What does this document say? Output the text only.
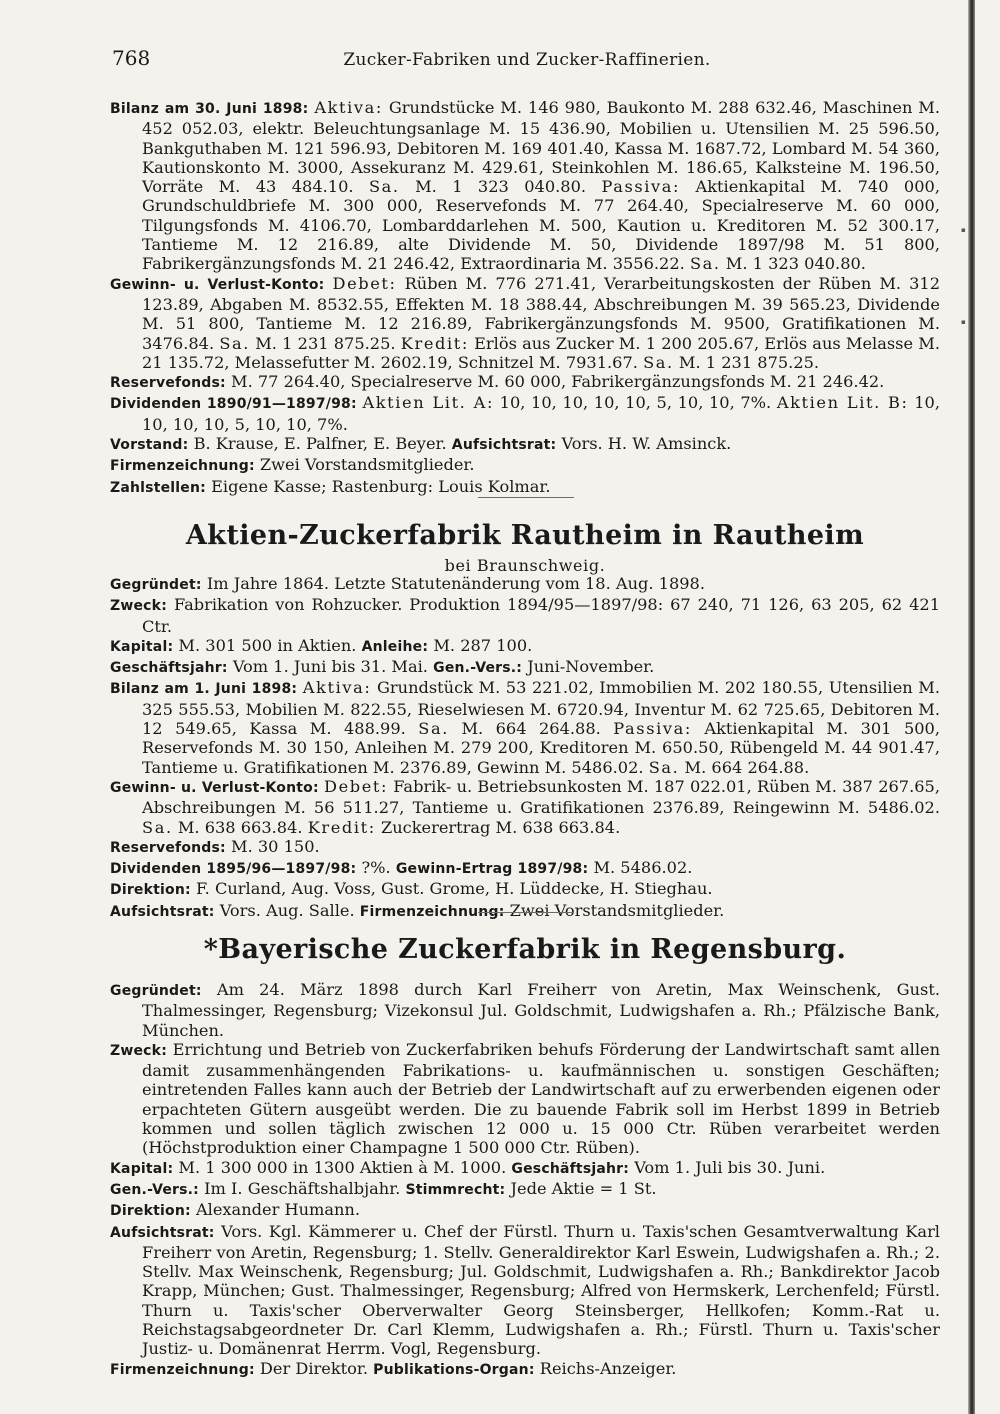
▪
▪
768	Zucker-Fabriken und Zucker-Raffinerien.

Bilanz am 30. Juni 1898: Aktiva: Grundstücke M. 146 980, Baukonto M. 288 632.46, Maschinen M. 452 052.03, elektr. Beleuchtungsanlage M. 15 436.90, Mobilien u. Utensilien M. 25 596.50, Bankguthaben M. 121 596.93, Debitoren M. 169 401.40, Kassa M. 1687.72, Lombard M. 54 360, Kautionskonto M. 3000, Assekuranz M. 429.61, Steinkohlen M. 186.65, Kalksteine M. 196.50, Vorräte M. 43 484.10. Sa. M. 1 323 040.80. Passiva: Aktienkapital M. 740 000, Grundschuldbriefe M. 300 000, Reservefonds M. 77 264.40, Specialreserve M. 60 000, Tilgungsfonds M. 4106.70, Lombarddarlehen M. 500, Kaution u. Kreditoren M. 52 300.17, Tantieme M. 12 216.89, alte Dividende M. 50, Dividende 1897/98 M. 51 800, Fabrikergänzungsfonds M. 21 246.42, Extraordinaria M. 3556.22. Sa. M. 1 323 040.80.

Gewinn- u. Verlust-Konto: Debet: Rüben M. 776 271.41, Verarbeitungskosten der Rüben M. 312 123.89, Abgaben M. 8532.55, Effekten M. 18 388.44, Abschreibungen M. 39 565.23, Dividende M. 51 800, Tantieme M. 12 216.89, Fabrikergänzungsfonds M. 9500, Gratifikationen M. 3476.84. Sa. M. 1 231 875.25. Kredit: Erlös aus Zucker M. 1 200 205.67, Erlös aus Melasse M. 21 135.72, Melassefutter M. 2602.19, Schnitzel M. 7931.67. Sa. M. 1 231 875.25.

Reservefonds: M. 77 264.40, Specialreserve M. 60 000, Fabrikergänzungsfonds M. 21 246.42.

Dividenden 1890/91—1897/98: Aktien Lit. A: 10, 10, 10, 10, 10, 5, 10, 10, 7%. Aktien Lit. B: 10, 10, 10, 10, 5, 10, 10, 7%.

Vorstand: B. Krause, E. Palfner, E. Beyer. Aufsichtsrat: Vors. H. W. Amsinck.

Firmenzeichnung: Zwei Vorstandsmitglieder.

Zahlstellen: Eigene Kasse; Rastenburg: Louis Kolmar.

Aktien-Zuckerfabrik Rautheim in Rautheim
bei Braunschweig.

Gegründet: Im Jahre 1864. Letzte Statutenänderung vom 18. Aug. 1898.

Zweck: Fabrikation von Rohzucker. Produktion 1894/95—1897/98: 67 240, 71 126, 63 205, 62 421 Ctr.

Kapital: M. 301 500 in Aktien. Anleihe: M. 287 100.

Geschäftsjahr: Vom 1. Juni bis 31. Mai. Gen.-Vers.: Juni-November.

Bilanz am 1. Juni 1898: Aktiva: Grundstück M. 53 221.02, Immobilien M. 202 180.55, Utensilien M. 325 555.53, Mobilien M. 822.55, Rieselwiesen M. 6720.94, Inventur M. 62 725.65, Debitoren M. 12 549.65, Kassa M. 488.99. Sa. M. 664 264.88. Passiva: Aktienkapital M. 301 500, Reservefonds M. 30 150, Anleihen M. 279 200, Kreditoren M. 650.50, Rübengeld M. 44 901.47, Tantieme u. Gratifikationen M. 2376.89, Gewinn M. 5486.02. Sa. M. 664 264.88.

Gewinn- u. Verlust-Konto: Debet: Fabrik- u. Betriebsunkosten M. 187 022.01, Rüben M. 387 267.65, Abschreibungen M. 56 511.27, Tantieme u. Gratifikationen 2376.89, Reingewinn M. 5486.02. Sa. M. 638 663.84. Kredit: Zuckerertrag M. 638 663.84.

Reservefonds: M. 30 150.

Dividenden 1895/96—1897/98: ?%. Gewinn-Ertrag 1897/98: M. 5486.02.

Direktion: F. Curland, Aug. Voss, Gust. Grome, H. Lüddecke, H. Stieghau.

Aufsichtsrat: Vors. Aug. Salle. Firmenzeichnung: Zwei Vorstandsmitglieder.

*Bayerische Zuckerfabrik in Regensburg.

Gegründet: Am 24. März 1898 durch Karl Freiherr von Aretin, Max Weinschenk, Gust. Thalmessinger, Regensburg; Vizekonsul Jul. Goldschmit, Ludwigshafen a. Rh.; Pfälzische Bank, München.

Zweck: Errichtung und Betrieb von Zuckerfabriken behufs Förderung der Landwirtschaft samt allen damit zusammenhängenden Fabrikations- u. kaufmännischen u. sonstigen Geschäften; eintretenden Falles kann auch der Betrieb der Landwirtschaft auf zu erwerbenden eigenen oder erpachteten Gütern ausgeübt werden. Die zu bauende Fabrik soll im Herbst 1899 in Betrieb kommen und sollen täglich zwischen 12 000 u. 15 000 Ctr. Rüben verarbeitet werden (Höchstproduktion einer Champagne 1 500 000 Ctr. Rüben).

Kapital: M. 1 300 000 in 1300 Aktien à M. 1000. Geschäftsjahr: Vom 1. Juli bis 30. Juni.

Gen.-Vers.: Im I. Geschäftshalbjahr. Stimmrecht: Jede Aktie = 1 St.

Direktion: Alexander Humann.

Aufsichtsrat: Vors. Kgl. Kämmerer u. Chef der Fürstl. Thurn u. Taxis'schen Gesamtverwaltung Karl Freiherr von Aretin, Regensburg; 1. Stellv. Generaldirektor Karl Eswein, Ludwigshafen a. Rh.; 2. Stellv. Max Weinschenk, Regensburg; Jul. Goldschmit, Ludwigshafen a. Rh.; Bankdirektor Jacob Krapp, München; Gust. Thalmessinger, Regensburg; Alfred von Hermskerk, Lerchenfeld; Fürstl. Thurn u. Taxis'scher Oberverwalter Georg Steinsberger, Hellkofen; Komm.-Rat u. Reichstagsabgeordneter Dr. Carl Klemm, Ludwigshafen a. Rh.; Fürstl. Thurn u. Taxis'scher Justiz- u. Domänenrat Herrm. Vogl, Regensburg.

Firmenzeichnung: Der Direktor. Publikations-Organ: Reichs-Anzeiger.
